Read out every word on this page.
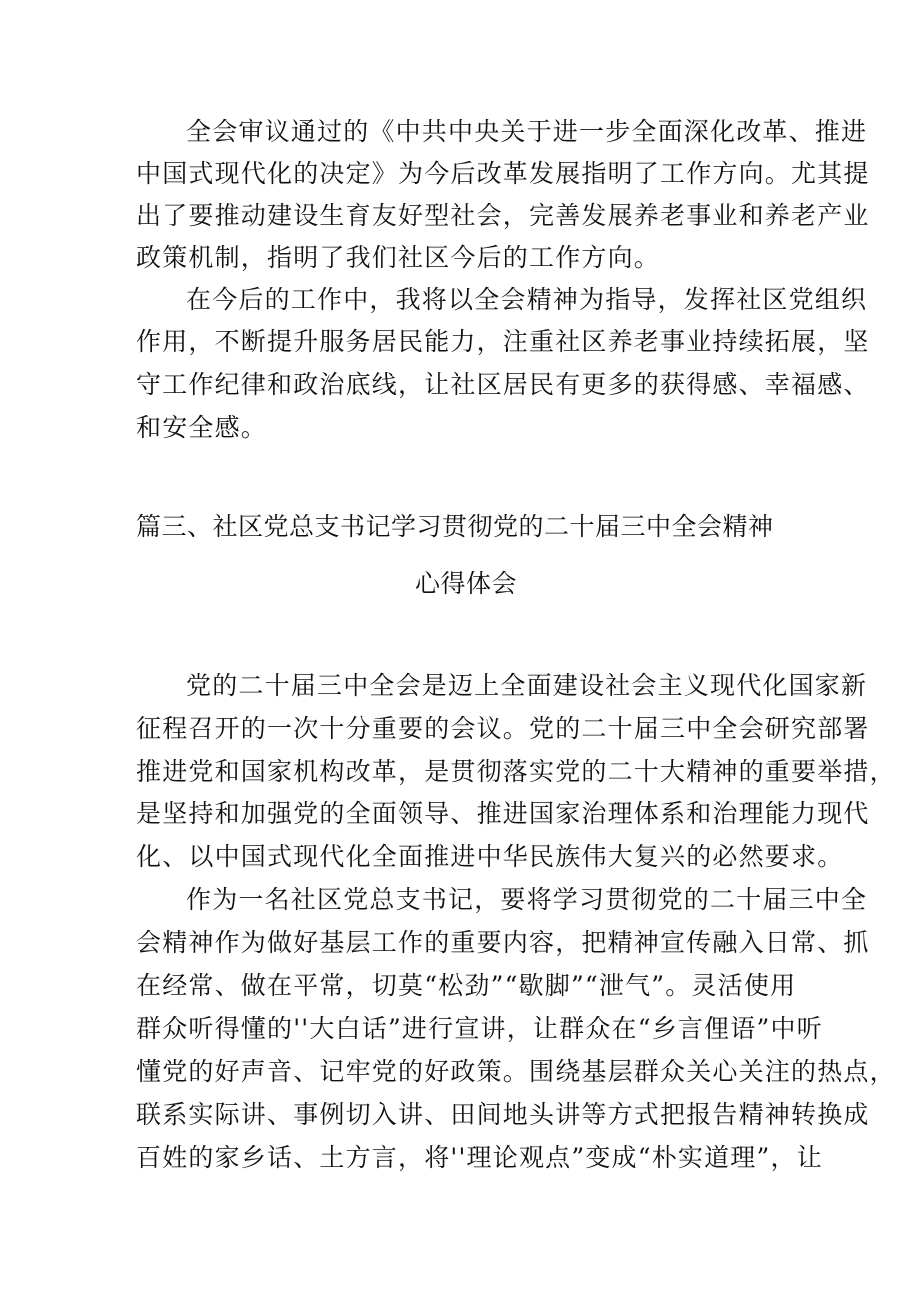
全会审议通过的《中共中央关于进一步全面深化改革、推进
中国式现代化的决定》为今后改革发展指明了工作方向。尤其提
出了要推动建设生育友好型社会，完善发展养老事业和养老产业
政策机制，指明了我们社区今后的工作方向。
在今后的工作中，我将以全会精神为指导，发挥社区党组织
作用，不断提升服务居民能力，注重社区养老事业持续拓展，坚
守工作纪律和政治底线，让社区居民有更多的获得感、幸福感、
和安全感。
篇三、社区党总支书记学习贯彻党的二十届三中全会精神
心得体会
党的二十届三中全会是迈上全面建设社会主义现代化国家新
征程召开的一次十分重要的会议。党的二十届三中全会研究部署
推进党和国家机构改革，是贯彻落实党的二十大精神的重要举措，
是坚持和加强党的全面领导、推进国家治理体系和治理能力现代
化、以中国式现代化全面推进中华民族伟大复兴的必然要求。
作为一名社区党总支书记，要将学习贯彻党的二十届三中全
会精神作为做好基层工作的重要内容，把精神宣传融入日常、抓
在经常、做在平常，切莫“松劲”“歇脚”“泄气”。灵活使用
群众听得懂的''大白话”进行宣讲，让群众在“乡言俚语”中听
懂党的好声音、记牢党的好政策。围绕基层群众关心关注的热点，
联系实际讲、事例切入讲、田间地头讲等方式把报告精神转换成
百姓的家乡话、土方言，将''理论观点”变成“朴实道理”，让
